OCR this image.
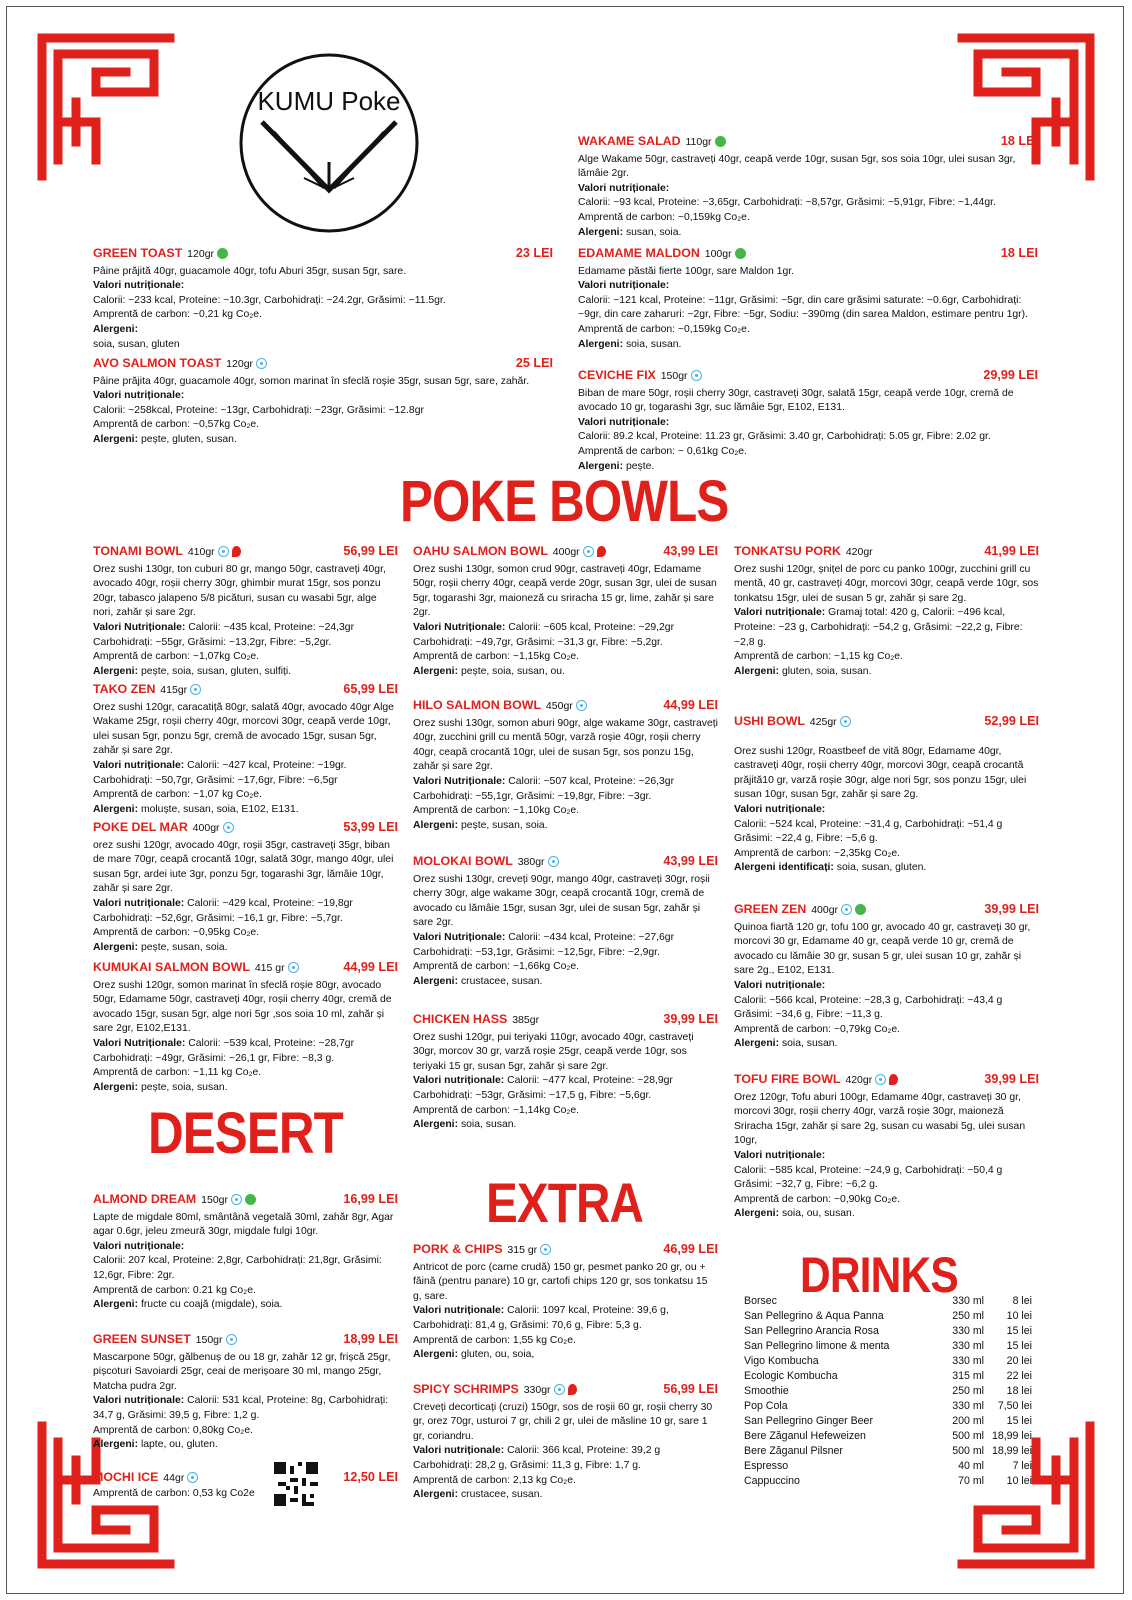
KUMU Poke
POKE BOWLS
DESERT
EXTRA
DRINKS
WAKAME SALAD 110gr	18 LEI
Alge Wakame 50gr, castraveți 40gr, ceapă verde 10gr, susan 5gr, sos soia 10gr, ulei susan 3gr, lămâie 2gr.
Valori nutriționale:
Calorii: ~93 kcal, Proteine: ~3,65gr, Carbohidrați: ~8,57gr, Grăsimi: ~5,91gr, Fibre: ~1,44gr.
Amprentă de carbon: ~0,159kg Co₂e.
Alergeni: susan, soia.
GREEN TOAST 120gr	23 LEI
Pâine prăjită 40gr, guacamole 40gr, tofu Aburi 35gr, susan 5gr, sare.
Valori nutriționale:
Calorii: ~233 kcal, Proteine: ~10.3gr, Carbohidrați: ~24.2gr, Grăsimi: ~11.5gr.
Amprentă de carbon: ~0,21 kg Co₂e.
Alergeni:
soia, susan, gluten
EDAMAME MALDON 100gr	18 LEI
Edamame păstăi fierte 100gr, sare Maldon 1gr.
Valori nutriționale:
Calorii: ~121 kcal, Proteine: ~11gr, Grăsimi: ~5gr, din care grăsimi saturate: ~0.6gr, Carbohidrați: ~9gr, din care zaharuri: ~2gr, Fibre: ~5gr, Sodiu: ~390mg (din sarea Maldon, estimare pentru 1gr).
Amprentă de carbon: ~0,159kg Co₂e.
Alergeni: soia, susan.
AVO SALMON TOAST 120gr	25 LEI
Pâine prăjita 40gr, guacamole 40gr, somon marinat în sfeclă roșie 35gr, susan 5gr, sare, zahăr.
Valori nutriționale:
Calorii: ~258kcal, Proteine: ~13gr, Carbohidrați: ~23gr, Grăsimi: ~12.8gr
Amprentă de carbon: ~0,57kg Co₂e.
Alergeni: pește, gluten, susan.
CEVICHE FIX 150gr	29,99 LEI
Biban de mare 50gr, roșii cherry 30gr, castraveți 30gr, salată 15gr, ceapă verde 10gr, cremă de avocado 10 gr, togarashi 3gr, suc lămâie 5gr, E102, E131.
Valori nutriționale:
Calorii: 89.2 kcal, Proteine: 11.23 gr, Grăsimi: 3.40 gr, Carbohidrați: 5.05 gr, Fibre: 2.02 gr.
Amprentă de carbon: ~ 0,61kg Co₂e.
Alergeni: pește.
TONAMI BOWL 410gr	56,99 LEI
Orez sushi 130gr, ton cuburi 80 gr, mango 50gr, castraveți 40gr, avocado 40gr, roșii cherry 30gr, ghimbir murat 15gr, sos ponzu 20gr, tabasco jalapeno 5/8 picături, susan cu wasabi 5gr, alge nori, zahăr și sare 2gr.
Valori Nutriționale: Calorii: ~435 kcal, Proteine: ~24,3gr Carbohidrați: ~55gr, Grăsimi: ~13,2gr, Fibre: ~5,2gr.
Amprentă de carbon: ~1,07kg Co₂e.
Alergeni: pește, soia, susan, gluten, sulfiți.
TAKO ZEN 415gr	65,99 LEI
Orez sushi 120gr, caracatiță 80gr, salată 40gr, avocado 40gr Alge Wakame 25gr, roșii cherry 40gr, morcovi 30gr, ceapă verde 10gr, ulei susan 5gr, ponzu 5gr, cremă de avocado 15gr, susan 5gr, zahăr și sare 2gr.
Valori nutriționale: Calorii: ~427 kcal, Proteine: ~19gr. Carbohidrați: ~50,7gr, Grăsimi: ~17,6gr, Fibre: ~6,5gr
Amprentă de carbon: ~1,07 kg Co₂e.
Alergeni: moluște, susan, soia, E102, E131.
POKE DEL MAR 400gr	53,99 LEI
orez sushi 120gr, avocado 40gr, roșii 35gr, castraveți 35gr, biban de mare 70gr, ceapă crocantă 10gr, salată 30gr, mango 40gr, ulei susan 5gr, ardei iute 3gr, ponzu 5gr, togarashi 3gr, lămâie 10gr, zahăr și sare 2gr.
Valori nutriționale: Calorii: ~429 kcal, Proteine: ~19,8gr Carbohidrați: ~52,6gr, Grăsimi: ~16,1 gr, Fibre: ~5,7gr.
Amprentă de carbon: ~0,95kg Co₂e.
Alergeni: pește, susan, soia.
KUMUKAI SALMON BOWL 415 gr	44,99 LEI
Orez sushi 120gr, somon marinat în sfeclă roșie 80gr, avocado 50gr, Edamame 50gr, castraveți 40gr, roșii cherry 40gr, cremă de avocado 15gr, susan 5gr, alge nori 5gr ,sos soia 10 ml, zahăr și sare 2gr, E102,E131.
Valori Nutriționale: Calorii: ~539 kcal, Proteine: ~28,7gr Carbohidrați: ~49gr, Grăsimi: ~26,1 gr, Fibre: ~8,3 g.
Amprentă de carbon: ~1,11 kg Co₂e.
Alergeni: pește, soia, susan.
OAHU SALMON BOWL 400gr	43,99 LEI
Orez sushi 130gr, somon crud 90gr, castraveți 40gr, Edamame 50gr, roșii cherry 40gr, ceapă verde 20gr, susan 3gr, ulei de susan 5gr, togarashi 3gr, maioneză cu sriracha 15 gr, lime, zahăr și sare 2gr.
Valori Nutriționale: Calorii: ~605 kcal, Proteine: ~29,2gr Carbohidrați: ~49,7gr, Grăsimi: ~31,3 gr, Fibre: ~5,2gr.
Amprentă de carbon: ~1,15kg Co₂e.
Alergeni: pește, soia, susan, ou.
HILO SALMON BOWL 450gr	44,99 LEI
Orez sushi 130gr, somon aburi 90gr, alge wakame 30gr, castraveți 40gr, zucchini grill cu mentă 50gr, varză roșie 40gr, roșii cherry 40gr, ceapă crocantă 10gr, ulei de susan 5gr, sos ponzu 15g, zahăr și sare 2gr.
Valori Nutriționale: Calorii: ~507 kcal, Proteine: ~26,3gr Carbohidrați: ~55,1gr, Grăsimi: ~19,8gr, Fibre: ~3gr.
Amprentă de carbon: ~1,10kg Co₂e.
Alergeni: pește, susan, soia.
MOLOKAI BOWL 380gr	43,99 LEI
Orez sushi 130gr, creveți 90gr, mango 40gr, castraveți 30gr, roșii cherry 30gr, alge wakame 30gr, ceapă crocantă 10gr, cremă de avocado cu lămâie 15gr, susan 3gr, ulei de susan 5gr, zahăr și sare 2gr.
Valori Nutriționale: Calorii: ~434 kcal, Proteine: ~27,6gr Carbohidrați: ~53,1gr, Grăsimi: ~12,5gr, Fibre: ~2,9gr.
Amprentă de carbon: ~1,66kg Co₂e.
Alergeni: crustacee, susan.
CHICKEN HASS 385gr	39,99 LEI
Orez sushi 120gr, pui teriyaki 110gr, avocado 40gr, castraveți 30gr, morcov 30 gr, varză roșie 25gr, ceapă verde 10gr, sos teriyaki 15 gr, susan 5gr, zahăr și sare 2gr.
Valori nutriționale: Calorii: ~477 kcal, Proteine: ~28,9gr Carbohidrați: ~53gr, Grăsimi: ~17,5 g, Fibre: ~5,6gr.
Amprentă de carbon: ~1,14kg Co₂e.
Alergeni: soia, susan.
TONKATSU PORK 420gr	41,99 LEI
Orez sushi 120gr, șnițel de porc cu panko 100gr, zucchini grill cu mentă, 40 gr, castraveți 40gr, morcovi 30gr, ceapă verde 10gr, sos tonkatsu 15gr, ulei de susan 5 gr, zahăr și sare 2g.
Valori nutriționale: Gramaj total: 420 g, Calorii: ~496 kcal, Proteine: ~23 g, Carbohidrați: ~54,2 g, Grăsimi: ~22,2 g, Fibre: ~2,8 g.
Amprentă de carbon: ~1,15 kg Co₂e.
Alergeni: gluten, soia, susan.
USHI BOWL 425gr	52,99 LEI
Orez sushi 120gr, Roastbeef de vită 80gr, Edamame 40gr, castraveți 40gr, roșii cherry 40gr, morcovi 30gr, ceapă crocantă prăjită10 gr, varză roșie 30gr, alge nori 5gr, sos ponzu 15gr, ulei susan 10gr, susan 5gr, zahăr și sare 2g.
Valori nutriționale:
Calorii: ~524 kcal, Proteine: ~31,4 g, Carbohidrați: ~51,4 g Grăsimi: ~22,4 g, Fibre: ~5,6 g.
Amprentă de carbon: ~2,35kg Co₂e.
Alergeni identificați: soia, susan, gluten.
GREEN ZEN 400gr	39,99 LEI
Quinoa fiartă 120 gr, tofu 100 gr, avocado 40 gr, castraveți 30 gr, morcovi 30 gr, Edamame 40 gr, ceapă verde 10 gr, cremă de avocado cu lămâie 30 gr, susan 5 gr, ulei susan 10 gr, zahăr și sare 2g., E102, E131.
Valori nutriționale:
Calorii: ~566 kcal, Proteine: ~28,3 g, Carbohidrați: ~43,4 g Grăsimi: ~34,6 g, Fibre: ~11,3 g.
Amprentă de carbon: ~0,79kg Co₂e.
Alergeni: soia, susan.
TOFU FIRE BOWL 420gr	39,99 LEI
Orez 120gr, Tofu aburi 100gr, Edamame 40gr, castraveți 30 gr, morcovi 30gr, roșii cherry 40gr, varză roșie 30gr, maioneză Sriracha 15gr, zahăr și sare 2g, susan cu wasabi 5g, ulei susan 10gr,
Valori nutriționale:
Calorii: ~585 kcal, Proteine: ~24,9 g, Carbohidrați: ~50,4 g Grăsimi: ~32,7 g, Fibre: ~6,2 g.
Amprentă de carbon: ~0,90kg Co₂e.
Alergeni: soia, ou, susan.
ALMOND DREAM 150gr	16,99 LEI
Lapte de migdale 80ml, smântână vegetală 30ml, zahăr 8gr, Agar agar 0.6gr, jeleu zmeură 30gr, migdale fulgi 10gr.
Valori nutriționale:
Calorii: 207 kcal, Proteine: 2,8gr, Carbohidrați: 21,8gr, Grăsimi: 12,6gr, Fibre: 2gr.
Amprentă de carbon: 0.21 kg Co₂e.
Alergeni: fructe cu coajă (migdale), soia.
GREEN SUNSET 150gr	18,99 LEI
Mascarpone 50gr, gălbenuș de ou 18 gr, zahăr 12 gr, frișcă 25gr, pișcoturi Savoiardi 25gr, ceai de merișoare 30 ml, mango 25gr, Matcha pudra 2gr.
Valori nutriționale: Calorii: 531 kcal, Proteine: 8g, Carbohidrați: 34,7 g, Grăsimi: 39,5 g, Fibre: 1,2 g.
Amprentă de carbon: 0,80kg Co₂e.
Alergeni: lapte, ou, gluten.
MOCHI ICE 44gr	12,50 LEI
Amprentă de carbon: 0,53 kg Co2e
PORK & CHIPS 315 gr	46,99 LEI
Antricot de porc (carne crudă) 150 gr, pesmet panko 20 gr, ou + făină (pentru panare) 10 gr, cartofi chips 120 gr, sos tonkatsu 15 g, sare.
Valori nutriționale: Calorii: 1097 kcal, Proteine: 39,6 g, Carbohidrați: 81,4 g, Grăsimi: 70,6 g, Fibre: 5,3 g.
Amprentă de carbon: 1,55 kg Co₂e.
Alergeni: gluten, ou, soia,
SPICY SCHRIMPS 330gr	56,99 LEI
Creveți decorticați (cruzi) 150gr, sos de roșii 60 gr, roșii cherry 30 gr, orez 70gr, usturoi 7 gr, chili 2 gr, ulei de măsline 10 gr, sare 1 gr, coriandru.
Valori nutriționale: Calorii: 366 kcal, Proteine: 39,2 g Carbohidrați: 28,2 g, Grăsimi: 11,3 g, Fibre: 1,7 g.
Amprentă de carbon: 2,13 kg Co₂e.
Alergeni: crustacee, susan.
Borsec	330 ml	8 lei
San Pellegrino & Aqua Panna	250 ml	10 lei
San Pellegrino Arancia Rosa	330 ml	15 lei
San Pellegrino limone & menta	330 ml	15 lei
Vigo Kombucha	330 ml	20 lei
Ecologic Kombucha	315 ml	22 lei
Smoothie	250 ml	18 lei
Pop Cola	330 ml	7,50 lei
San Pellegrino Ginger Beer	200 ml	15 lei
Bere Zăganul Hefeweizen	500 ml 18,99 lei
Bere Zăganul Pilsner	500 ml 18,99 lei
Espresso	40 ml	7 lei
Cappuccino	70 ml	10 lei
